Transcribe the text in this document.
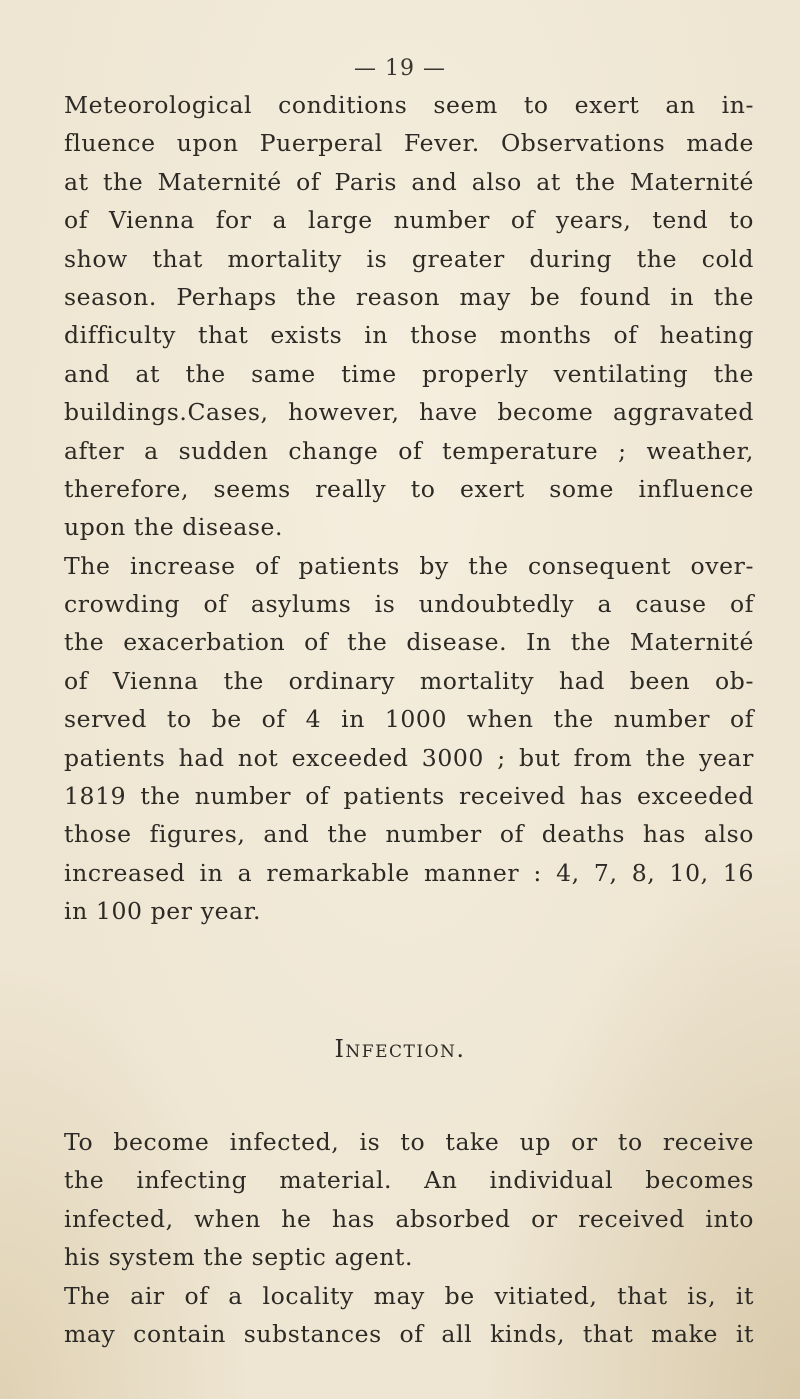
— 19 —
Meteorological conditions seem to exert an in-
fluence upon Puerperal Fever. Observations made
at the Maternité of Paris and also at the Maternité
of Vienna for a large number of years, tend to
show that mortality is greater during the cold
season. Perhaps the reason may be found in the
difficulty that exists in those months of heating
and at the same time properly ventilating the
buildings.Cases, however, have become aggravated
after a sudden change of temperature ; weather,
therefore, seems really to exert some influence
upon the disease.
The increase of patients by the consequent over-
crowding of asylums is undoubtedly a cause of
the exacerbation of the disease. In the Maternité
of Vienna the ordinary mortality had been ob-
served to be of 4 in 1000 when the number of
patients had not exceeded 3000 ; but from the year
1819 the number of patients received has exceeded
those figures, and the number of deaths has also
increased in a remarkable manner : 4, 7, 8, 10, 16
in 100 per year.
Infection.
To become infected, is to take up or to receive
the infecting material. An individual becomes
infected, when he has absorbed or received into
his system the septic agent.
The air of a locality may be vitiated, that is, it
may contain substances of all kinds, that make it
